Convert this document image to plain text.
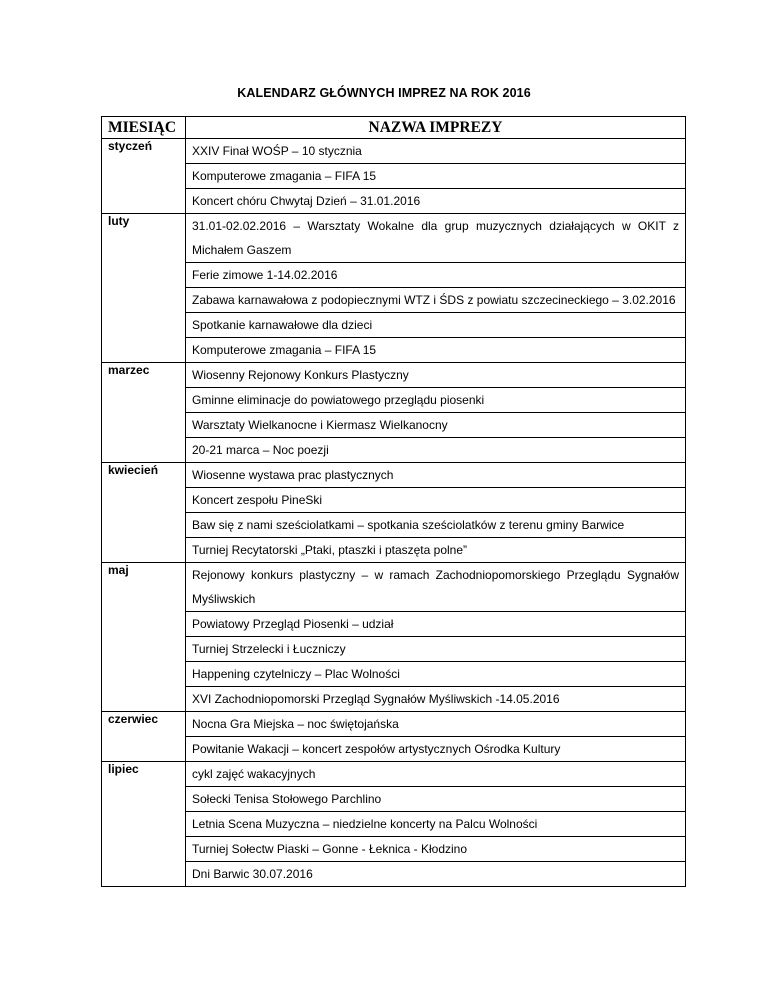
KALENDARZ GŁÓWNYCH IMPREZ NA ROK 2016
MIESIĄC	NAZWA IMPREZY
styczeń	XXIV Finał WOŚP – 10 stycznia
	Komputerowe zmagania – FIFA 15
	Koncert chóru Chwytaj Dzień – 31.01.2016
luty	31.01-02.02.2016 – Warsztaty Wokalne dla grup muzycznych działających w OKIT z Michałem Gaszem
	Ferie zimowe 1-14.02.2016
	Zabawa karnawałowa z podopiecznymi WTZ i ŚDS z powiatu szczecineckiego – 3.02.2016
	Spotkanie karnawałowe dla dzieci
	Komputerowe zmagania – FIFA 15
marzec	Wiosenny Rejonowy Konkurs Plastyczny
	Gminne eliminacje do powiatowego przeglądu piosenki
	Warsztaty Wielkanocne i Kiermasz Wielkanocny
	20-21 marca – Noc poezji
kwiecień	Wiosenne wystawa prac plastycznych
	Koncert zespołu PineSki
	Baw się z nami sześciolatkami – spotkania sześciolatków z terenu gminy Barwice
	Turniej Recytatorski „Ptaki, ptaszki i ptaszęta polne”
maj	Rejonowy konkurs plastyczny – w ramach Zachodniopomorskiego Przeglądu Sygnałów Myśliwskich
	Powiatowy Przegląd Piosenki – udział
	Turniej Strzelecki i Łuczniczy
	Happening czytelniczy – Plac Wolności
	XVI Zachodniopomorski Przegląd Sygnałów Myśliwskich -14.05.2016
czerwiec	Nocna Gra Miejska – noc świętojańska
	Powitanie Wakacji – koncert zespołów artystycznych Ośrodka Kultury
lipiec	cykl zajęć wakacyjnych
	Sołecki Tenisa Stołowego Parchlino
	Letnia Scena Muzyczna – niedzielne koncerty na Palcu Wolności
	Turniej Sołectw Piaski – Gonne - Łeknica - Kłodzino
	Dni Barwic 30.07.2016
